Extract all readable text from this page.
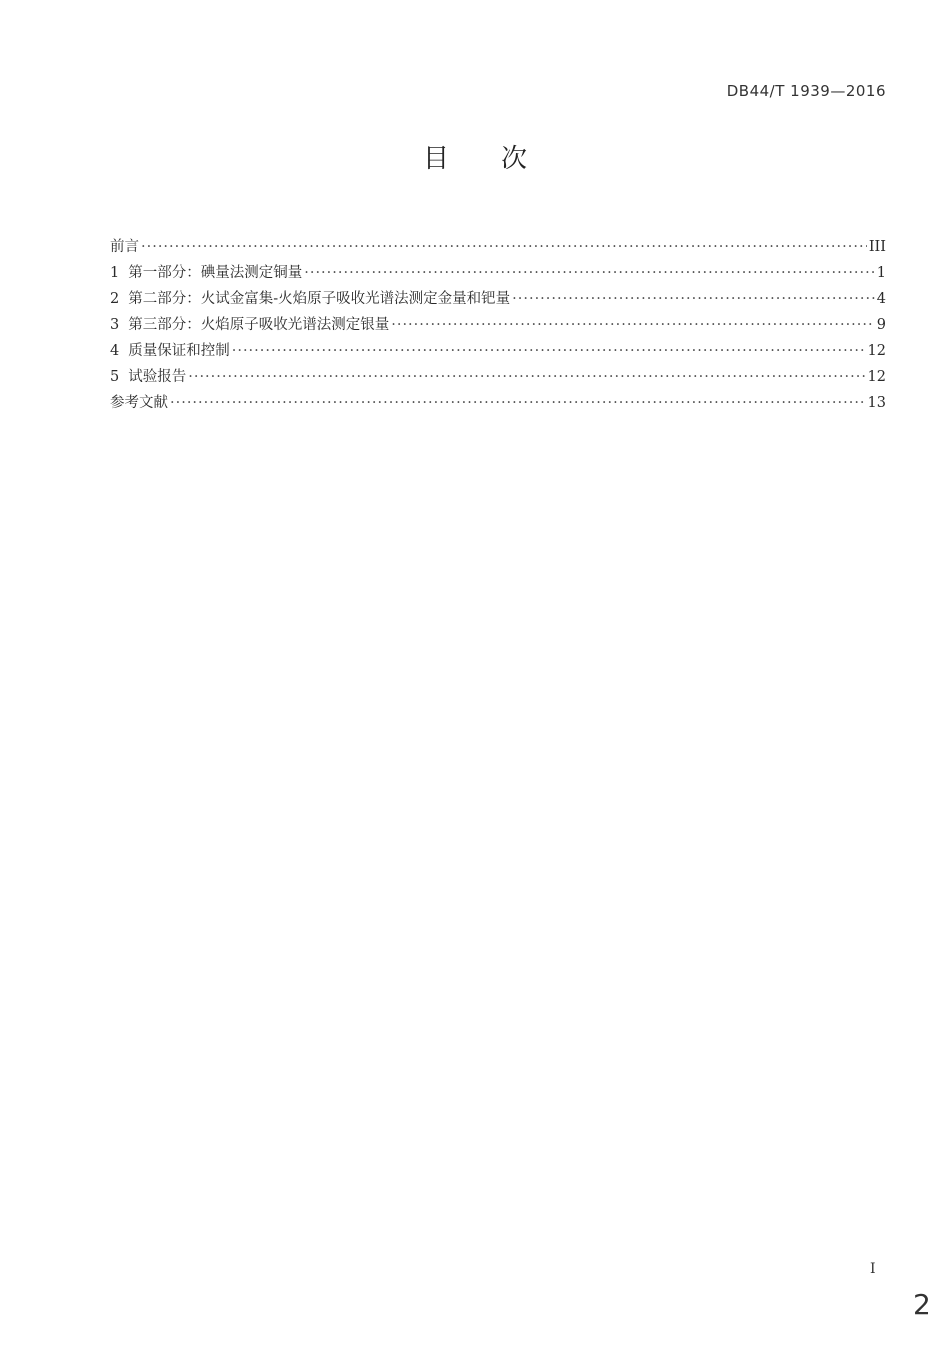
DB44/T 1939—2016
目次
前言 ·····	III
1 第一部分：碘量法测定铜量 ·····	1
2 第二部分：火试金富集-火焰原子吸收光谱法测定金量和钯量 ·····	4
3 第三部分：火焰原子吸收光谱法测定银量 ·····	9
4 质量保证和控制 ·····	12
5 试验报告 ·····	12
参考文献 ·····	13
I
2
